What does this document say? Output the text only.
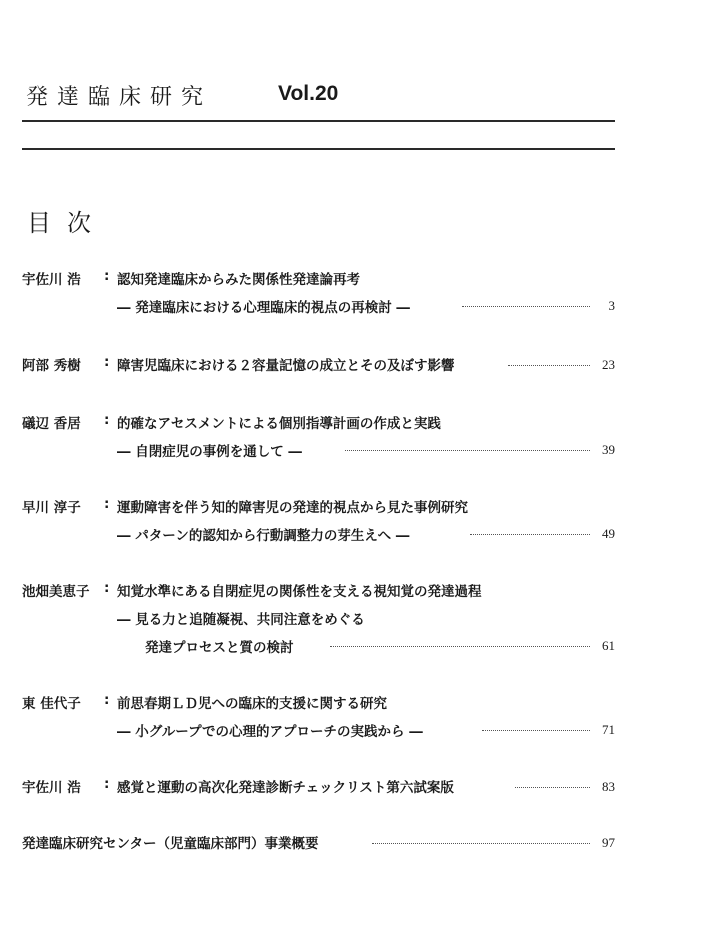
発達臨床研究	Vol.20
目次
宇佐川 浩 : 認知発達臨床からみた関係性発達論再考
― 発達臨床における心理臨床的視点の再検討 ―	3
阿部 秀樹 : 障害児臨床における２容量記憶の成立とその及ぼす影響	23
礒辺 香居 : 的確なアセスメントによる個別指導計画の作成と実践
― 自閉症児の事例を通して ―	39
早川 淳子 : 運動障害を伴う知的障害児の発達的視点から見た事例研究
― パターン的認知から行動調整力の芽生えへ ―	49
池畑美恵子 : 知覚水準にある自閉症児の関係性を支える視知覚の発達過程
― 見る力と追随凝視、共同注意をめぐる
発達プロセスと質の検討	61
東 佳代子 : 前思春期ＬＤ児への臨床的支援に関する研究
― 小グループでの心理的アプローチの実践から ―	71
宇佐川 浩 : 感覚と運動の高次化発達診断チェックリスト第六試案版	83
発達臨床研究センター（児童臨床部門）事業概要	97
